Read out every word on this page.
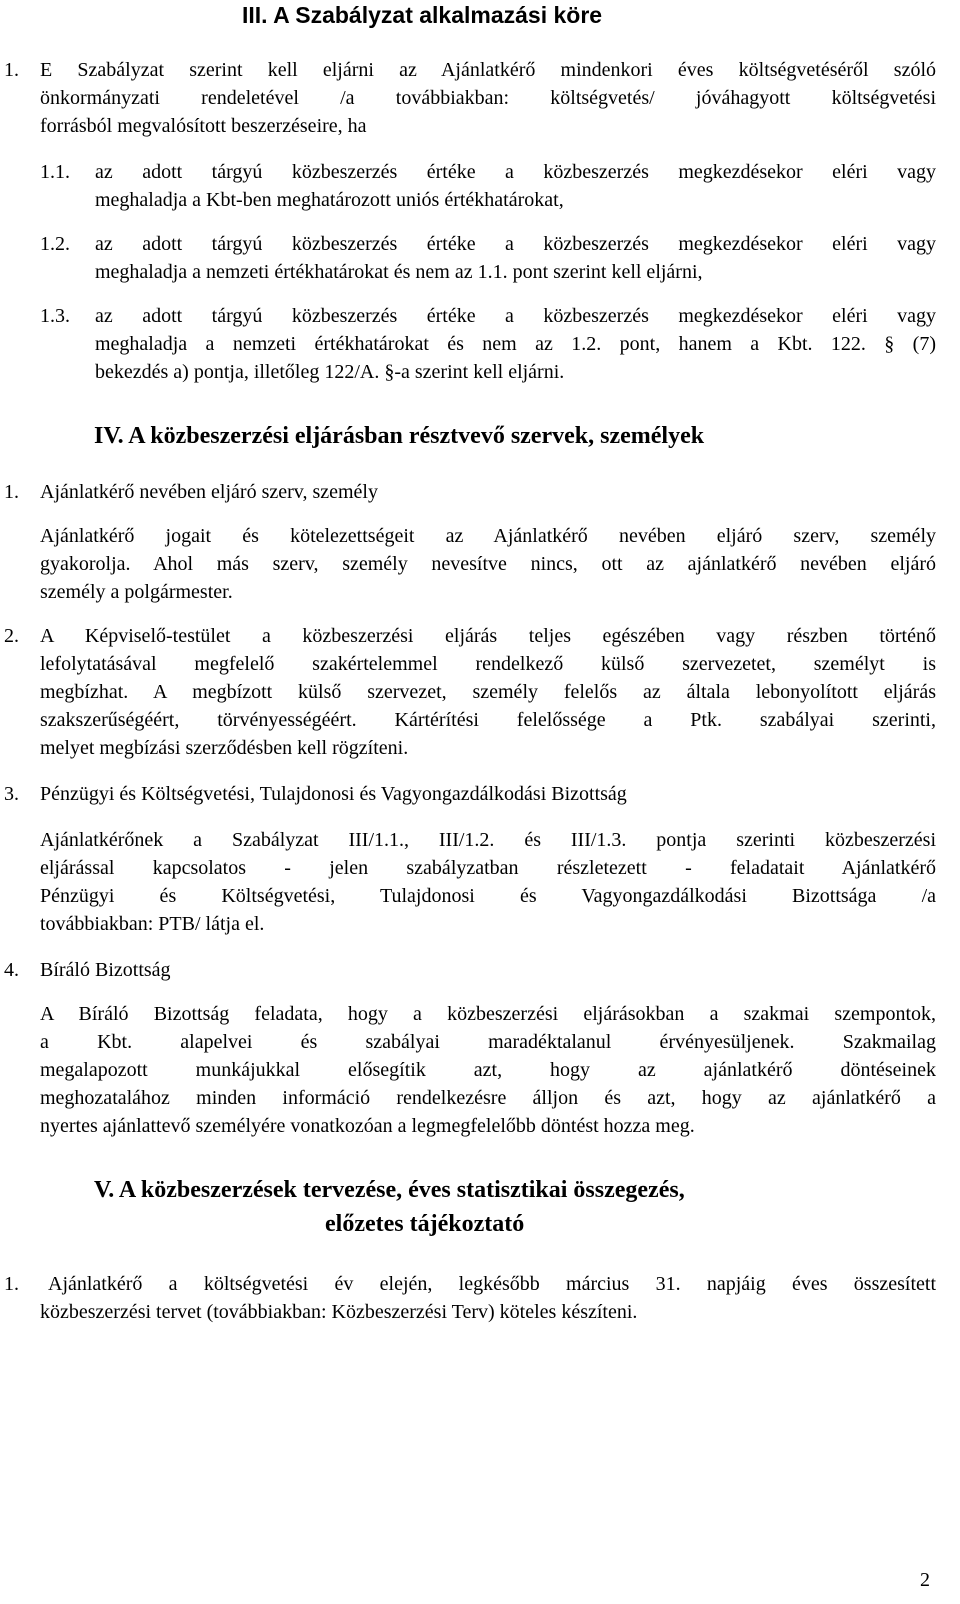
III. A Szabályzat alkalmazási köre
1. E Szabályzat szerint kell eljárni az Ajánlatkérő mindenkori éves költségvetéséről szóló
önkormányzati rendeletével /a továbbiakban: költségvetés/ jóváhagyott költségvetési
forrásból megvalósított beszerzéseire, ha
1.1. az adott tárgyú közbeszerzés értéke a közbeszerzés megkezdésekor eléri vagy
meghaladja a Kbt-ben meghatározott uniós értékhatárokat,
1.2. az adott tárgyú közbeszerzés értéke a közbeszerzés megkezdésekor eléri vagy
meghaladja a nemzeti értékhatárokat és nem az 1.1. pont szerint kell eljárni,
1.3. az adott tárgyú közbeszerzés értéke a közbeszerzés megkezdésekor eléri vagy
meghaladja a nemzeti értékhatárokat és nem az 1.2. pont, hanem a Kbt. 122. § (7)
bekezdés a) pontja, illetőleg 122/A. §-a szerint kell eljárni.
IV. A közbeszerzési eljárásban résztvevő szervek, személyek
1. Ajánlatkérő nevében eljáró szerv, személy
Ajánlatkérő jogait és kötelezettségeit az Ajánlatkérő nevében eljáró szerv, személy
gyakorolja. Ahol más szerv, személy nevesítve nincs, ott az ajánlatkérő nevében eljáró
személy a polgármester.
2. A Képviselő-testület a közbeszerzési eljárás teljes egészében vagy részben történő
lefolytatásával megfelelő szakértelemmel rendelkező külső szervezetet, személyt is
megbízhat. A megbízott külső szervezet, személy felelős az általa lebonyolított eljárás
szakszerűségéért, törvényességéért. Kártérítési felelőssége a Ptk. szabályai szerinti,
melyet megbízási szerződésben kell rögzíteni.
3. Pénzügyi és Költségvetési, Tulajdonosi és Vagyongazdálkodási Bizottság
Ajánlatkérőnek a Szabályzat III/1.1., III/1.2. és III/1.3. pontja szerinti közbeszerzési
eljárással kapcsolatos - jelen szabályzatban részletezett - feladatait Ajánlatkérő
Pénzügyi és Költségvetési, Tulajdonosi és Vagyongazdálkodási Bizottsága /a
továbbiakban: PTB/ látja el.
4. Bíráló Bizottság
A Bíráló Bizottság feladata, hogy a közbeszerzési eljárásokban a szakmai szempontok,
a Kbt. alapelvei és szabályai maradéktalanul érvényesüljenek. Szakmailag
megalapozott munkájukkal elősegítik azt, hogy az ajánlatkérő döntéseinek
meghozatalához minden információ rendelkezésre álljon és azt, hogy az ajánlatkérő a
nyertes ajánlattevő személyére vonatkozóan a legmegfelelőbb döntést hozza meg.
V. A közbeszerzések tervezése, éves statisztikai összegezés,
előzetes tájékoztató
1. Ajánlatkérő a költségvetési év elején, legkésőbb március 31. napjáig éves összesített
közbeszerzési tervet (továbbiakban: Közbeszerzési Terv) köteles készíteni.
2
